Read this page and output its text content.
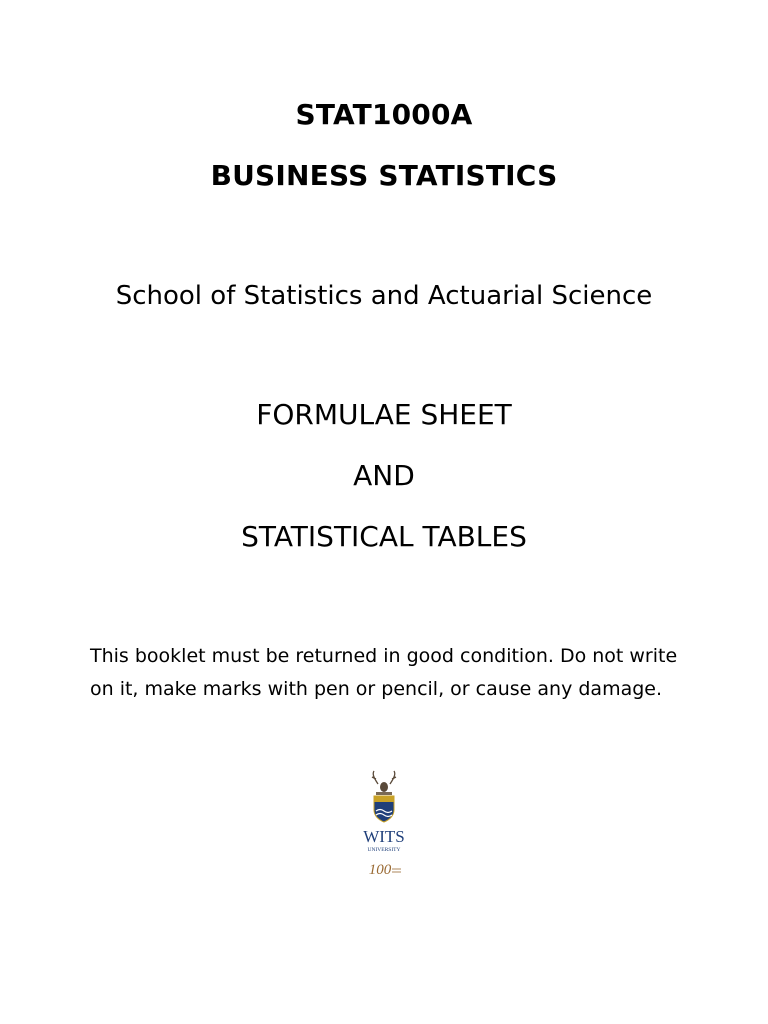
STAT1000A
BUSINESS STATISTICS

School of Statistics and Actuarial Science

FORMULAE SHEET

AND

STATISTICAL TABLES

This booklet must be returned in good condition. Do not write
on it, make marks with pen or pencil, or cause any damage.

WITS
UNIVERSITY
100
